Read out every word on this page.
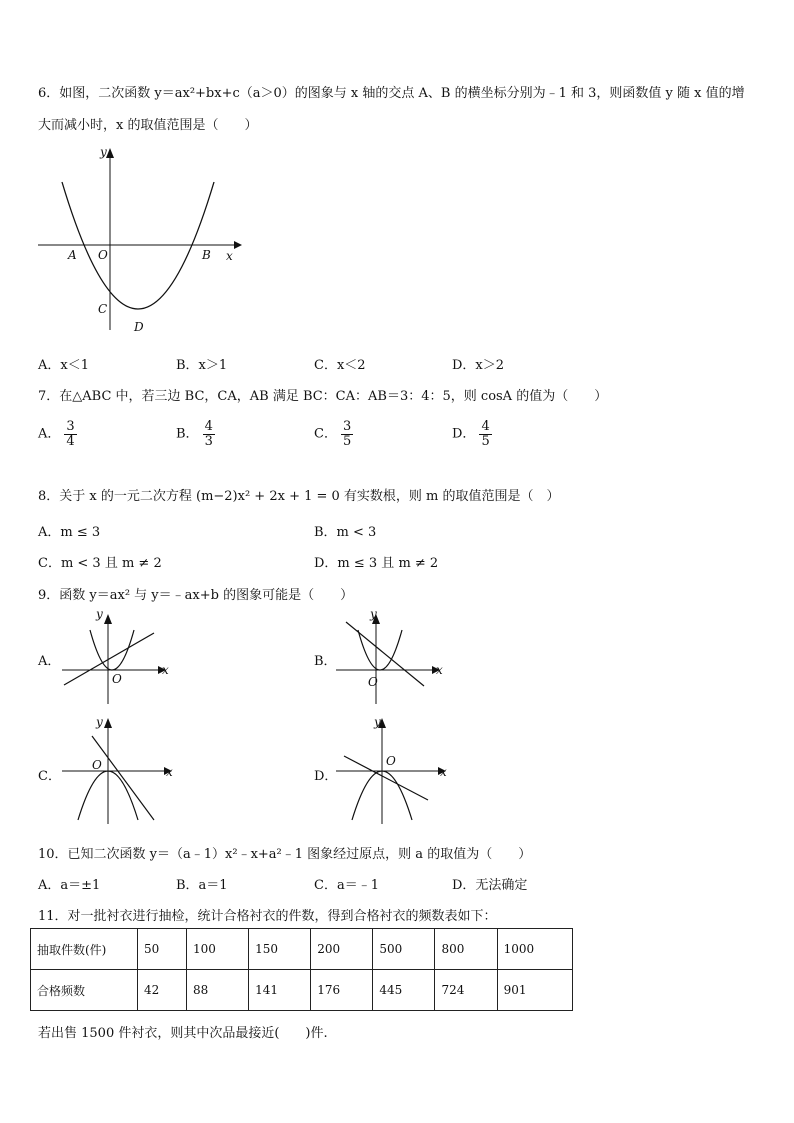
6．如图，二次函数 y＝ax²+bx+c（a＞0）的图象与 x 轴的交点 A、B 的横坐标分别为﹣1 和 3，则函数值 y 随 x 值的增
大而减小时，x 的取值范围是（　　）
y
x
O
A	B
C
D
A．x＜1	B．x＞1	C．x＜2	D．x＞2
7．在△ABC 中，若三边 BC，CA，AB 满足 BC：CA：AB＝3：4：5，则 cosA 的值为（　　）
A． $\frac{3}{4}$	B． $\frac{4}{3}$	C． $\frac{3}{5}$	D． $\frac{4}{5}$
8．关于 x 的一元二次方程 (m−2)x² + 2x + 1 = 0 有实数根，则 m 的取值范围是（　）
A．m ≤ 3	B．m < 3
C．m < 3 且 m ≠ 2	D．m ≤ 3 且 m ≠ 2
9．函数 y＝ax² 与 y＝﹣ax+b 的图象可能是（　　）
A．
y
x
O
B．
y
x
O
C．
y
x
O
D．
y
x
O
10．已知二次函数 y＝（a﹣1）x²﹣x+a²﹣1 图象经过原点，则 a 的取值为（　　）
A．a＝±1	B．a＝1	C．a＝﹣1	D．无法确定
11．对一批衬衣进行抽检，统计合格衬衣的件数，得到合格衬衣的频数表如下：
抽取件数(件)	50	100	150	200	500	800	1000
合格频数	42	88	141	176	445	724	901
若出售 1500 件衬衣，则其中次品最接近(　　)件.
